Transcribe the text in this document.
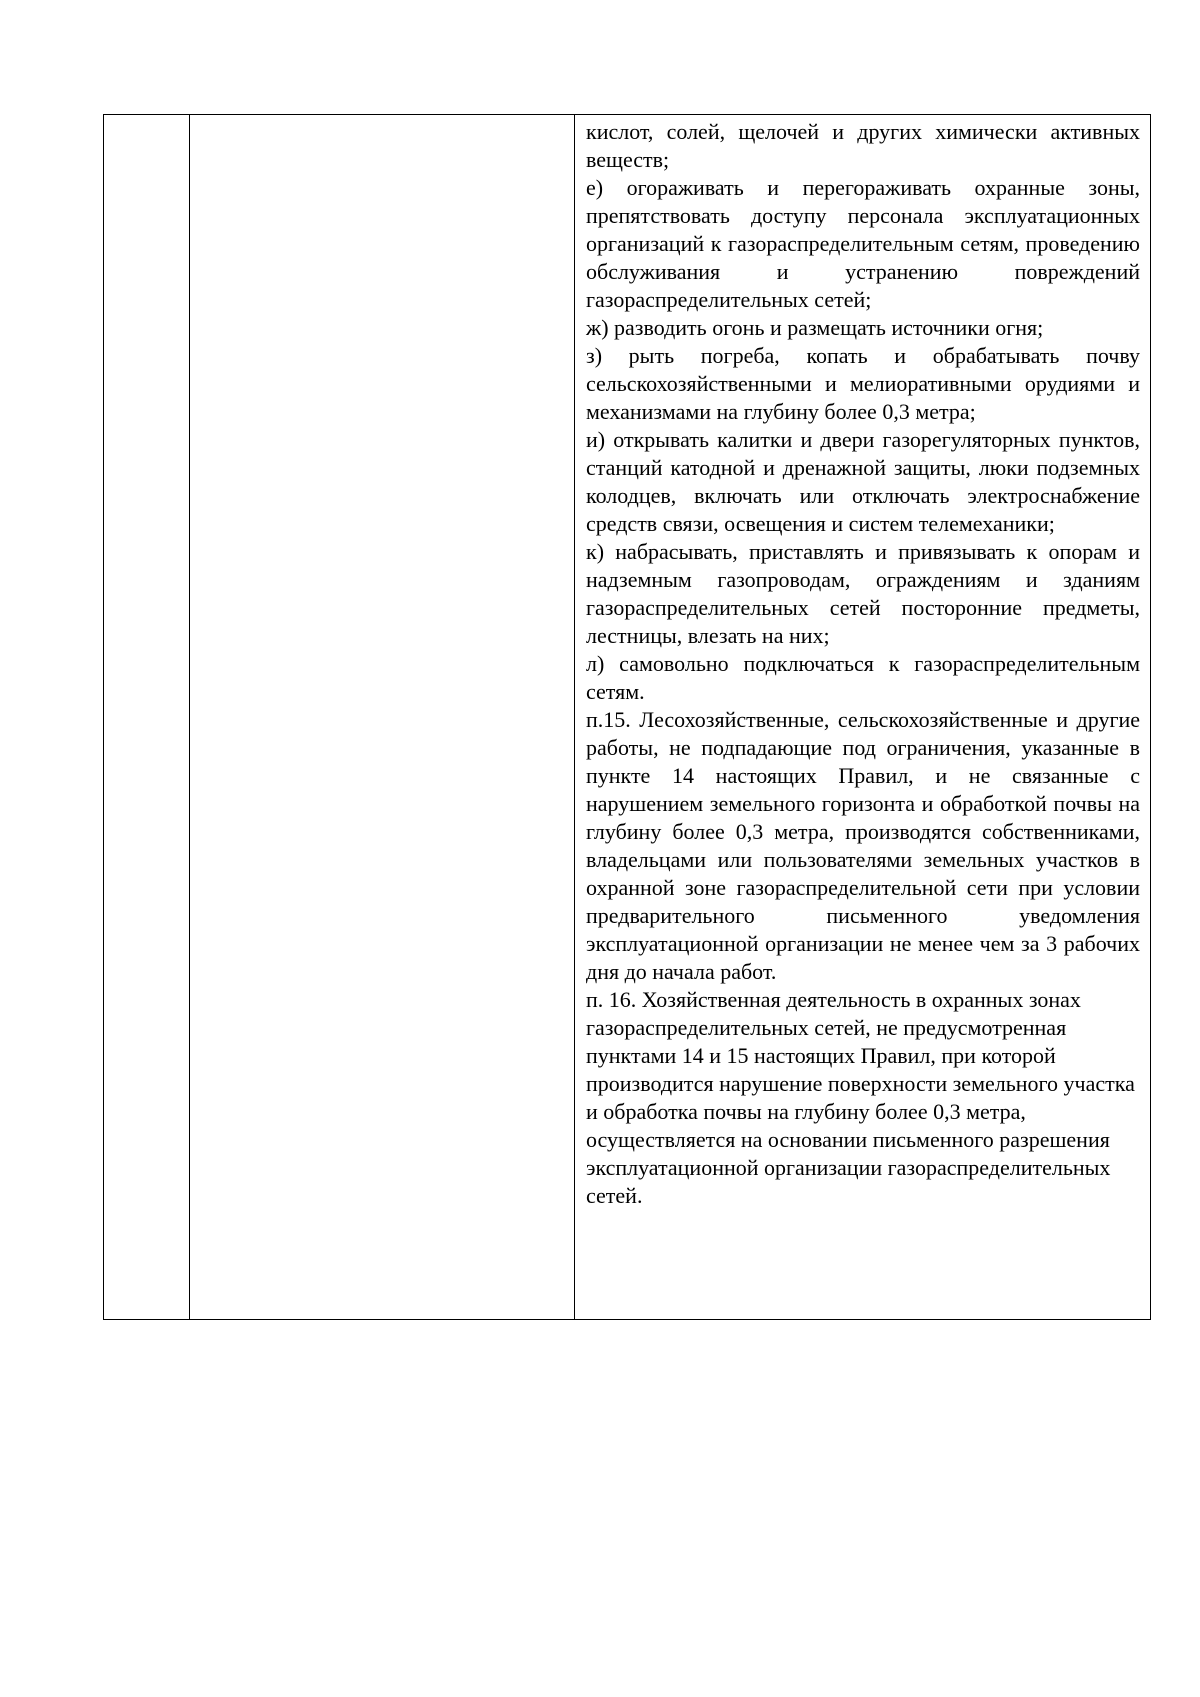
кислот, солей, щелочей и других химически активных веществ;

е) огораживать и перегораживать охранные зоны, препятствовать доступу персонала эксплуатационных организаций к газораспределительным сетям, проведению обслуживания и устранению повреждений газораспределительных сетей;

ж) разводить огонь и размещать источники огня;

з) рыть погреба, копать и обрабатывать почву сельскохозяйственными и мелиоративными орудиями и механизмами на глубину более 0,3 метра;

и) открывать калитки и двери газорегуляторных пунктов, станций катодной и дренажной защиты, люки подземных колодцев, включать или отключать электроснабжение средств связи, освещения и систем телемеханики;

к) набрасывать, приставлять и привязывать к опорам и надземным газопроводам, ограждениям и зданиям газораспределительных сетей посторонние предметы, лестницы, влезать на них;

л) самовольно подключаться к газораспределительным сетям.

п.15. Лесохозяйственные, сельскохозяйственные и другие работы, не подпадающие под ограничения, указанные в пункте 14 настоящих Правил, и не связанные с нарушением земельного горизонта и обработкой почвы на глубину более 0,3 метра, производятся собственниками, владельцами или пользователями земельных участков в охранной зоне газораспределительной сети при условии предварительного письменного уведомления эксплуатационной организации не менее чем за 3 рабочих дня до начала работ.

п. 16. Хозяйственная деятельность в охранных зонах газораспределительных сетей, не предусмотренная пунктами 14 и 15 настоящих Правил, при которой производится нарушение поверхности земельного участка и обработка почвы на глубину более 0,3 метра, осуществляется на основании письменного разрешения эксплуатационной организации газораспределительных сетей.
